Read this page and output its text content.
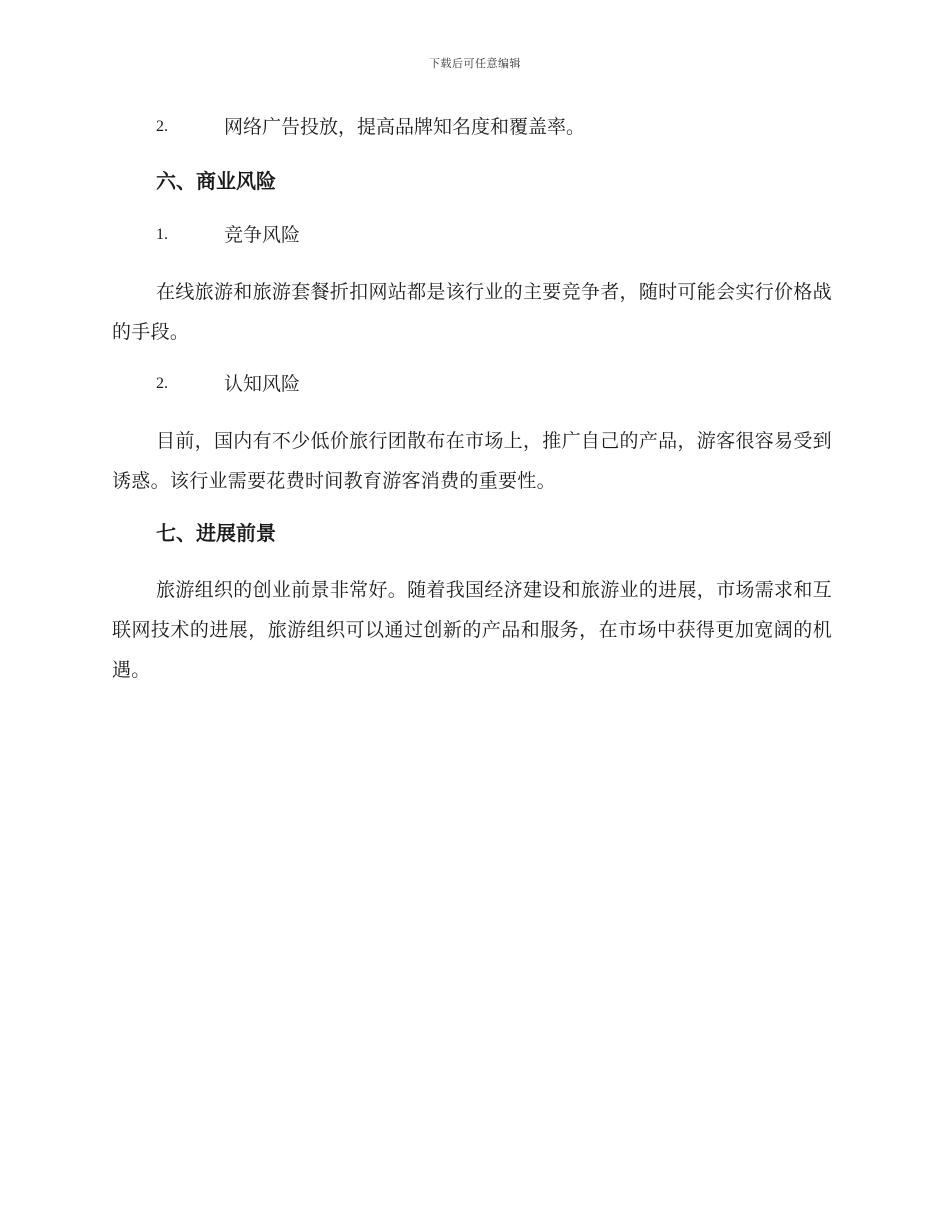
下载后可任意编辑
2.	网络广告投放，提高品牌知名度和覆盖率。
六、商业风险
1.	竞争风险

在线旅游和旅游套餐折扣网站都是该行业的主要竞争者，随时可能会实行价格战的手段。

2.	认知风险

目前，国内有不少低价旅行团散布在市场上，推广自己的产品，游客很容易受到诱惑。该行业需要花费时间教育游客消费的重要性。

七、进展前景

旅游组织的创业前景非常好。随着我国经济建设和旅游业的进展，市场需求和互联网技术的进展，旅游组织可以通过创新的产品和服务，在市场中获得更加宽阔的机遇。
